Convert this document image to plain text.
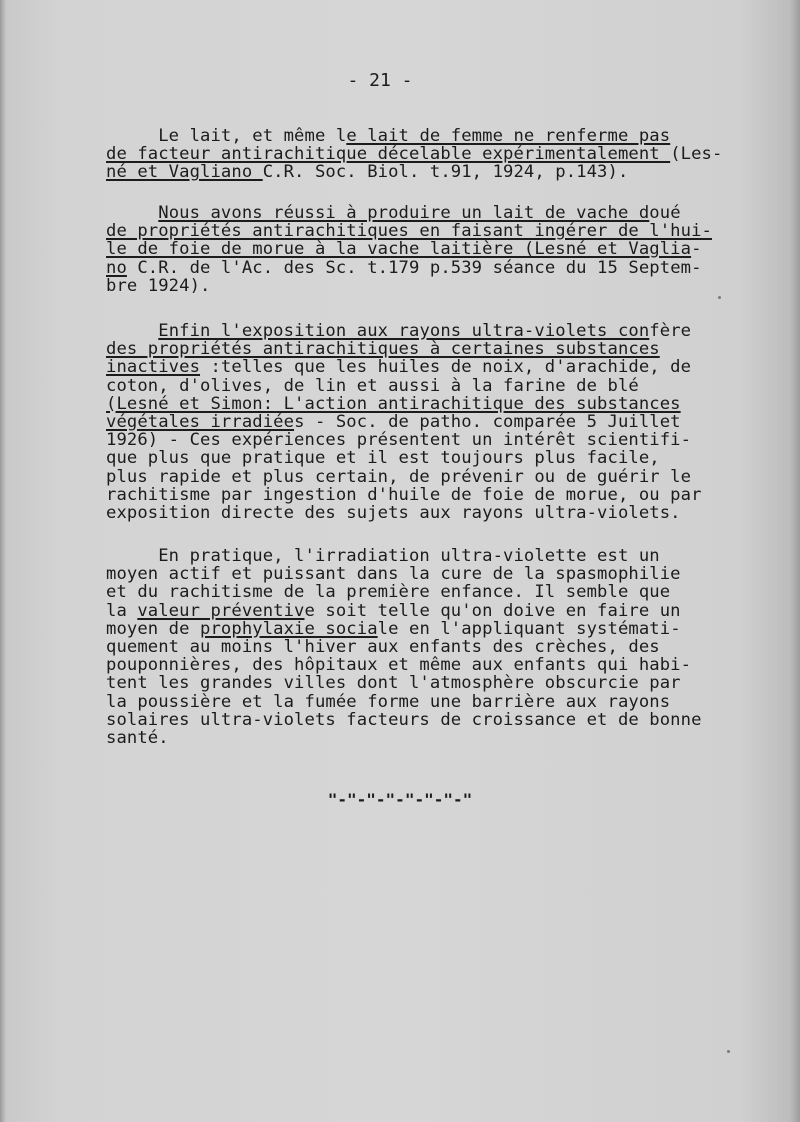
- 21 -
Le lait, et même le lait de femme ne renferme pas
de facteur antirachitique décelable expérimentalement (Les-
né et Vagliano C.R. Soc. Biol. t.91, 1924, p.143).
Nous avons réussi à produire un lait de vache doué
de propriétés antirachitiques en faisant ingérer de l'hui-
le de foie de morue à la vache laitière (Lesné et Vaglia-
no C.R. de l'Ac. des Sc. t.179 p.539 séance du 15 Septem-
bre 1924).
Enfin l'exposition aux rayons ultra-violets confère
des propriétés antirachitiques à certaines substances
inactives :telles que les huiles de noix, d'arachide, de
coton, d'olives, de lin et aussi à la farine de blé
(Lesné et Simon: L'action antirachitique des substances
végétales irradiées - Soc. de patho. comparée 5 Juillet
1926) - Ces expériences présentent un intérêt scientifi-
que plus que pratique et il est toujours plus facile,
plus rapide et plus certain, de prévenir ou de guérir le
rachitisme par ingestion d'huile de foie de morue, ou par
exposition directe des sujets aux rayons ultra-violets.
En pratique, l'irradiation ultra-violette est un
moyen actif et puissant dans la cure de la spasmophilie
et du rachitisme de la première enfance. Il semble que
la valeur préventive soit telle qu'on doive en faire un
moyen de prophylaxie sociale en l'appliquant systémati-
quement au moins l'hiver aux enfants des crèches, des
pouponnières, des hôpitaux et même aux enfants qui habi-
tent les grandes villes dont l'atmosphère obscurcie par
la poussière et la fumée forme une barrière aux rayons
solaires ultra-violets facteurs de croissance et de bonne
santé.
"-"-"-"-"-"-"-"
